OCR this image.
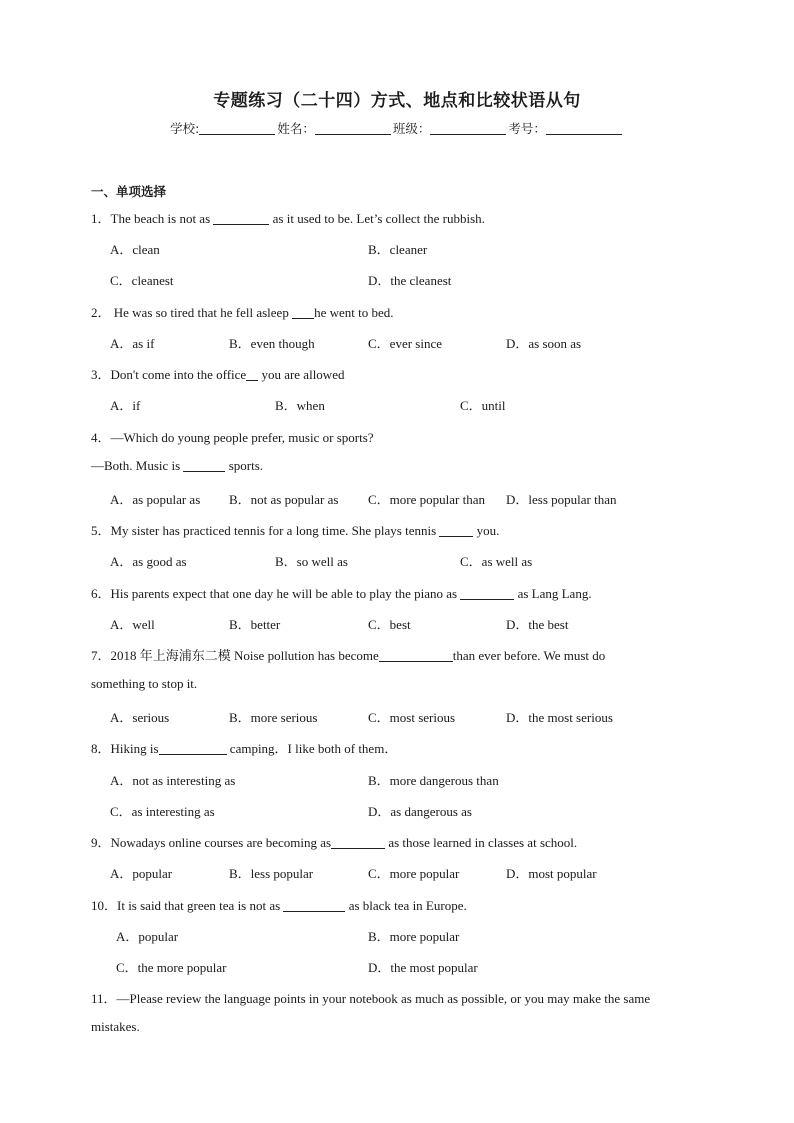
专题练习（二十四）方式、地点和比较状语从句
学校:	姓名：	班级：	考号：
一、单项选择
1．The beach is not as	as it used to be. Let’s collect the rubbish.
A．clean	B．cleaner
C．cleanest	D．the cleanest
2． He was so tired that he fell asleep he went to bed.
A．as if	B．even though	C．ever since	D．as soon as
3．Don't come into the office you are allowed
A．if	B．when	C．until
4．—Which do young people prefer, music or sports?
—Both. Music is	sports.
A．as popular as B．not as popular as C．more popular than D．less popular than
5．My sister has practiced tennis for a long time. She plays tennis	you.
A．as good as	B．so well as	C．as well as
6．His parents expect that one day he will be able to play the piano as	as Lang Lang.
A．well	B．better	C．best	D．the best
7．2018 年上海浦东二模 Noise pollution has become	than ever before. We must do
something to stop it.
A．serious	B．more serious	C．most serious	D．the most serious
8．Hiking is	camping．I like both of them．
A．not as interesting as	B．more dangerous than
C．as interesting as	D．as dangerous as
9．Nowadays online courses are becoming as	as those learned in classes at school.
A．popular	B．less popular	C．more popular	D．most popular
10．It is said that green tea is not as	as black tea in Europe.
A．popular	B．more popular
C．the more popular	D．the most popular
11．—Please review the language points in your notebook as much as possible, or you may make the same
mistakes.
